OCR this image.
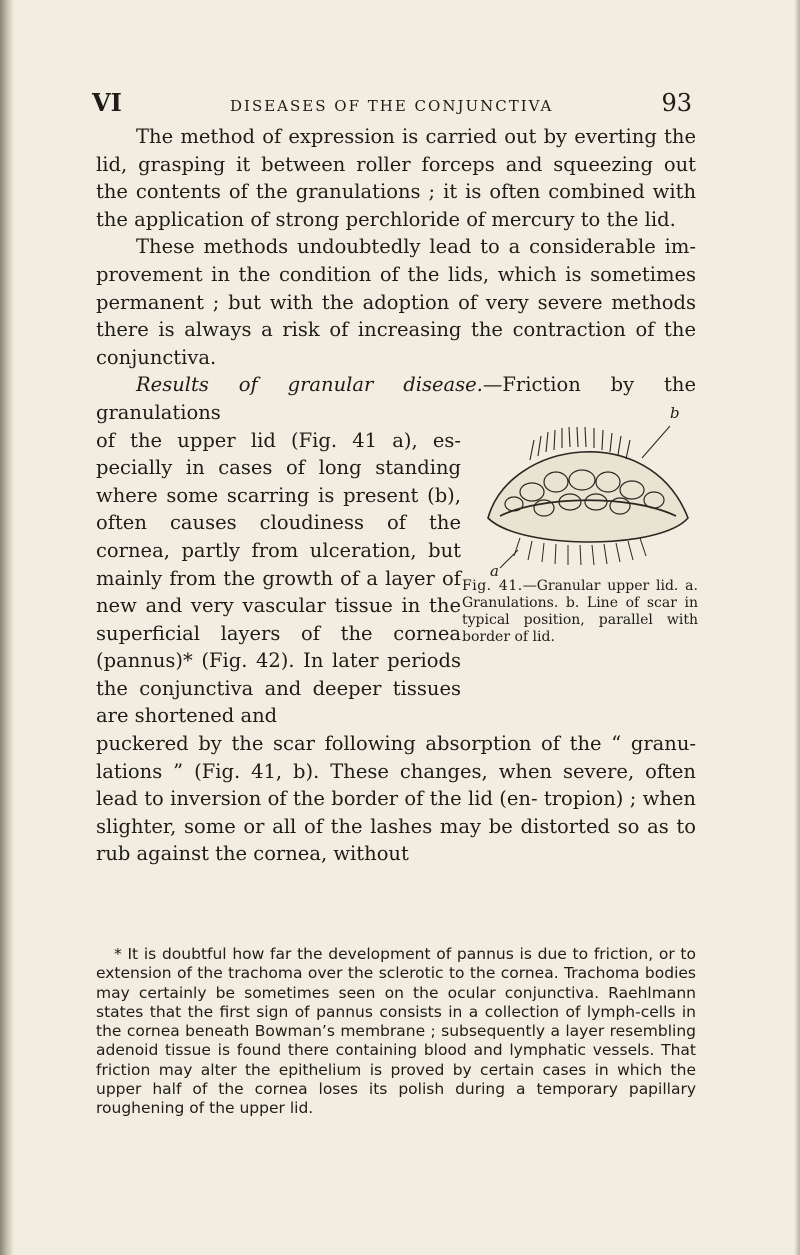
VI	DISEASES OF THE CONJUNCTIVA	93

The method of expression is carried out by everting the lid, grasping it between roller forceps and squeezing out the contents of the granulations ; it is often combined with the application of strong perchloride of mercury to the lid.

These methods undoubtedly lead to a considerable im- provement in the condition of the lids, which is sometimes permanent ; but with the adoption of very severe methods there is always a risk of increasing the contraction of the conjunctiva.

Results of granular disease.—Friction by the granulations

of the upper lid (Fig. 41 a), es- pecially in cases of long standing where some scarring is present (b), often causes cloudiness of the cornea, partly from ulceration, but mainly from the growth of a layer of new and very vascular tissue in the superficial layers of the cornea (pannus)* (Fig. 42). In later periods the conjunctiva and deeper tissues are shortened and

puckered by the scar following absorption of the “ granu- lations ” (Fig. 41, b). These changes, when severe, often lead to inversion of the border of the lid (en- tropion) ; when slighter, some or all of the lashes may be distorted so as to rub against the cornea, without

b
a
Fig. 41.—Granular upper lid. a. Granulations. b. Line of scar in typical position, parallel with border of lid.

* It is doubtful how far the development of pannus is due to friction, or to extension of the trachoma over the sclerotic to the cornea. Trachoma bodies may certainly be sometimes seen on the ocular conjunctiva. Raehlmann states that the first sign of pannus consists in a collection of lymph-cells in the cornea beneath Bowman’s membrane ; subsequently a layer resembling adenoid tissue is found there containing blood and lymphatic vessels. That friction may alter the epithelium is proved by certain cases in which the upper half of the cornea loses its polish during a temporary papillary roughening of the upper lid.
